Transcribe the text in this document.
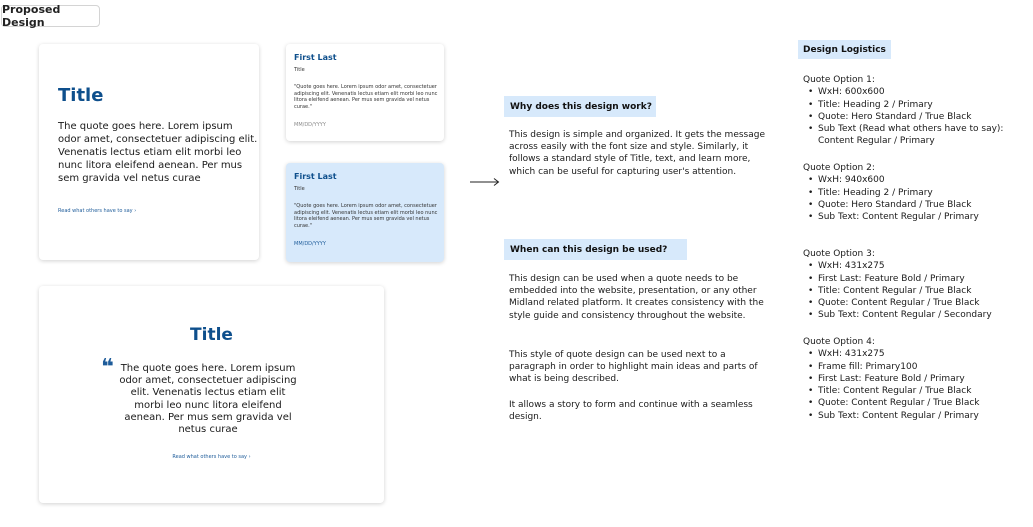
Proposed Design
Title
The quote goes here. Lorem ipsum odor amet, consectetuer adipiscing elit. Venenatis lectus etiam elit morbi leo nunc litora eleifend aenean. Per mus sem gravida vel netus curae
Read what others have to say ›
First Last
Title
"Quote goes here. Lorem ipsum odor amet, consectetuer adipiscing elit. Venenatis lectus etiam elit morbi leo nunc litora eleifend aenean. Per mus sem gravida vel netus curae."
MM/DD/YYYY
First Last
Title
"Quote goes here. Lorem ipsum odor amet, consectetuer adipiscing elit. Venenatis lectus etiam elit morbi leo nunc litora eleifend aenean. Per mus sem gravida vel netus curae."
MM/DD/YYYY
Title
❝ The quote goes here. Lorem ipsum odor amet, consectetuer adipiscing elit. Venenatis lectus etiam elit morbi leo nunc litora eleifend aenean. Per mus sem gravida vel netus curae
Read what others have to say ›
Why does this design work?
This design is simple and organized. It gets the message across easily with the font size and style. Similarly, it follows a standard style of Title, text, and learn more, which can be useful for capturing user's attention.
When can this design be used?
This design can be used when a quote needs to be embedded into the website, presentation, or any other Midland related platform. It creates consistency with the style guide and consistency throughout the website.
This style of quote design can be used next to a paragraph in order to highlight main ideas and parts of what is being described.
It allows a story to form and continue with a seamless design.
Design Logistics
Quote Option 1:
• WxH: 600x600
• Title: Heading 2 / Primary
• Quote: Hero Standard / True Black
• Sub Text (Read what others have to say): Content Regular / Primary
Quote Option 2:
• WxH: 940x600
• Title: Heading 2 / Primary
• Quote: Hero Standard / True Black
• Sub Text: Content Regular / Primary
Quote Option 3:
• WxH: 431x275
• First Last: Feature Bold / Primary
• Title: Content Regular / True Black
• Quote: Content Regular / True Black
• Sub Text: Content Regular / Secondary
Quote Option 4:
• WxH: 431x275
• Frame fill: Primary100
• First Last: Feature Bold / Primary
• Title: Content Regular / True Black
• Quote: Content Regular / True Black
• Sub Text: Content Regular / Primary
